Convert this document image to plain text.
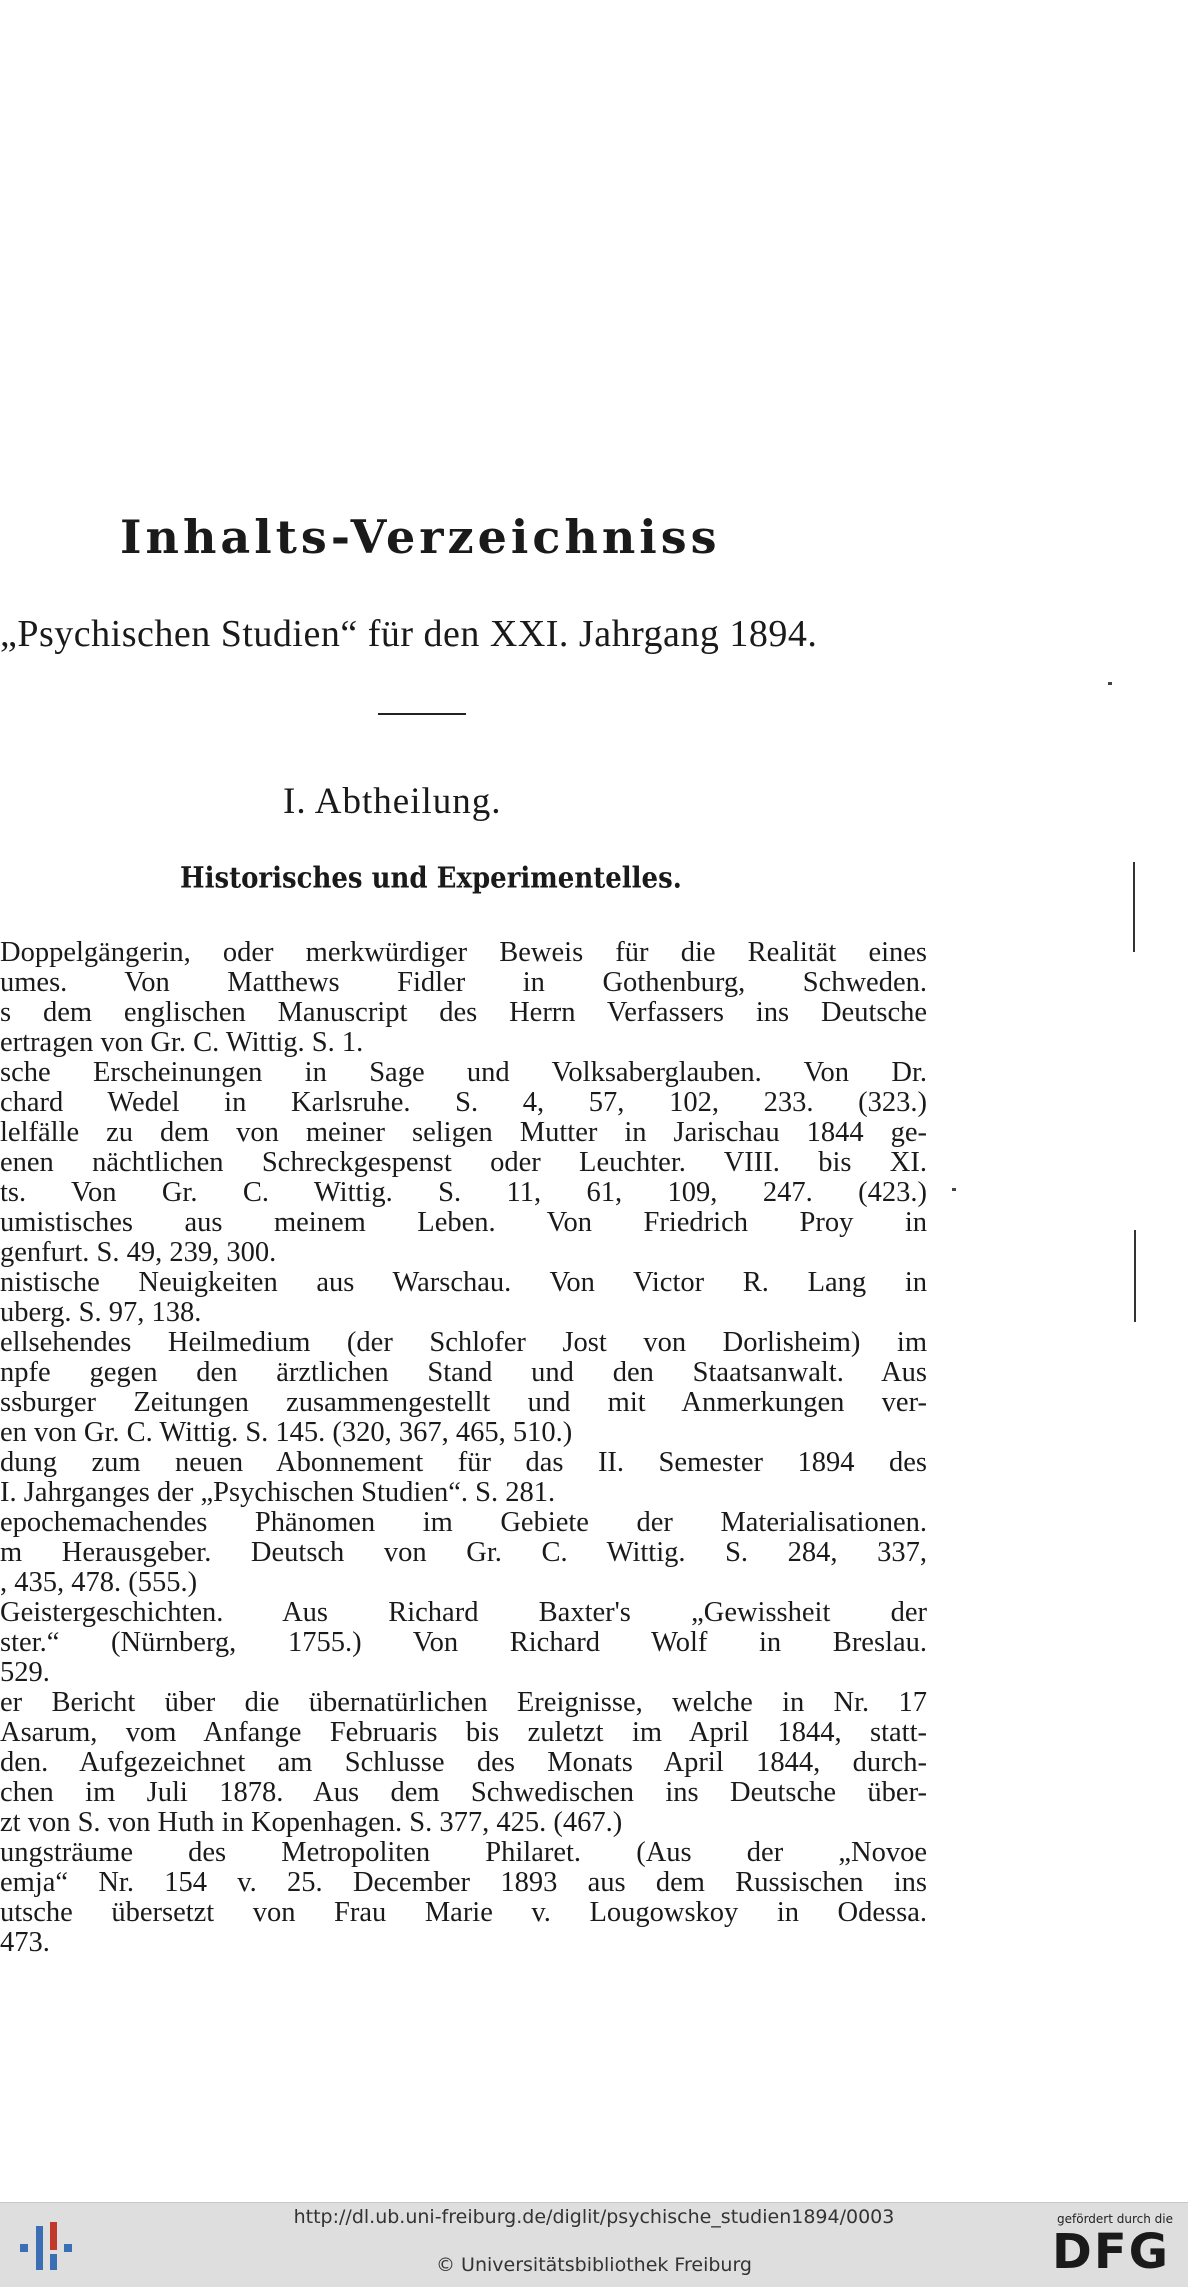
Inhalts-Verzeichniss
„Psychischen Studien“ für den XXI. Jahrgang 1894.
I. Abtheilung.
Historisches und Experimentelles.
Doppelgängerin, oder merkwürdiger Beweis für die Realität eines
umes. Von Matthews Fidler in Gothenburg, Schweden.
s dem englischen Manuscript des Herrn Verfassers ins Deutsche
ertragen von Gr. C. Wittig. S. 1.
sche Erscheinungen in Sage und Volksaberglauben. Von Dr.
chard Wedel in Karlsruhe. S. 4, 57, 102, 233. (323.)
lelfälle zu dem von meiner seligen Mutter in Jarischau 1844 ge-
enen nächtlichen Schreckgespenst oder Leuchter. VIII. bis XI.
ts. Von Gr. C. Wittig. S. 11, 61, 109, 247. (423.)
umistisches aus meinem Leben. Von Friedrich Proy in
genfurt. S. 49, 239, 300.
nistische Neuigkeiten aus Warschau. Von Victor R. Lang in
uberg. S. 97, 138.
ellsehendes Heilmedium (der Schlofer Jost von Dorlisheim) im
npfe gegen den ärztlichen Stand und den Staatsanwalt. Aus
ssburger Zeitungen zusammengestellt und mit Anmerkungen ver-
en von Gr. C. Wittig. S. 145. (320, 367, 465, 510.)
dung zum neuen Abonnement für das II. Semester 1894 des
I. Jahrganges der „Psychischen Studien“. S. 281.
epochemachendes Phänomen im Gebiete der Materialisationen.
m Herausgeber. Deutsch von Gr. C. Wittig. S. 284, 337,
, 435, 478. (555.)
Geistergeschichten. Aus Richard Baxter's „Gewissheit der
ster.“ (Nürnberg, 1755.) Von Richard Wolf in Breslau.
529.
er Bericht über die übernatürlichen Ereignisse, welche in Nr. 17
Asarum, vom Anfange Februaris bis zuletzt im April 1844, statt-
den. Aufgezeichnet am Schlusse des Monats April 1844, durch-
chen im Juli 1878. Aus dem Schwedischen ins Deutsche über-
zt von S. von Huth in Kopenhagen. S. 377, 425. (467.)
ungsträume des Metropoliten Philaret. (Aus der „Novoe
emja“ Nr. 154 v. 25. December 1893 aus dem Russischen ins
utsche übersetzt von Frau Marie v. Lougowskoy in Odessa.
473.
http://dl.ub.uni-freiburg.de/diglit/psychische_studien1894/0003
© Universitätsbibliothek Freiburg
gefördert durch die
DFG
